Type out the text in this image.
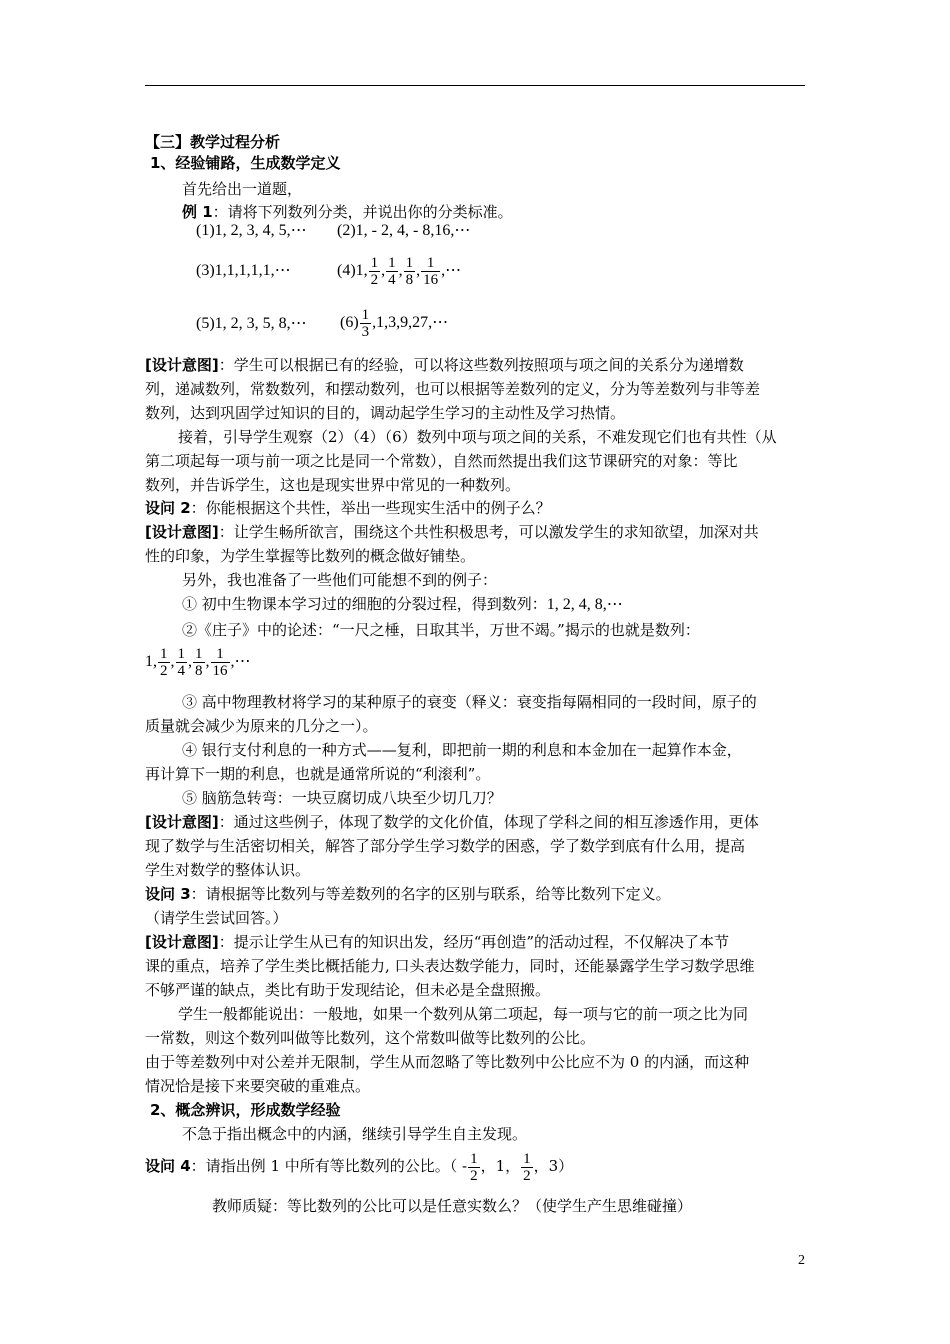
【三】教学过程分析
1、经验铺路，生成数学定义
首先给出一道题，
例 1：请将下列数列分类，并说出你的分类标准。
(1)1, 2, 3, 4, 5,⋯ (2)1, - 2, 4, - 8,16,⋯
(3)1,1,1,1,1,⋯	(4)1, $\frac{1}{2}$ , $\frac{1}{4}$ , $\frac{1}{8}$ , $\frac{1}{16}$ ,⋯
(5)1, 2, 3, 5, 8,⋯ $(6) \frac{1}{3}$ ,1,3,9,27,⋯
[设计意图]：学生可以根据已有的经验，可以将这些数列按照项与项之间的关系分为递增数
列，递减数列，常数数列，和摆动数列，也可以根据等差数列的定义，分为等差数列与非等差
数列，达到巩固学过知识的目的，调动起学生学习的主动性及学习热情。
接着，引导学生观察（2）（4）（6）数列中项与项之间的关系，不难发现它们也有共性（从
第二项起每一项与前一项之比是同一个常数），自然而然提出我们这节课研究的对象：等比
数列，并告诉学生，这也是现实世界中常见的一种数列。
设问 2：你能根据这个共性，举出一些现实生活中的例子么？
[设计意图]：让学生畅所欲言，围绕这个共性积极思考，可以激发学生的求知欲望，加深对共
性的印象，为学生掌握等比数列的概念做好铺垫。
另外，我也准备了一些他们可能想不到的例子：
① 初中生物课本学习过的细胞的分裂过程，得到数列：1, 2, 4, 8,⋯
②《庄子》中的论述：“一尺之棰，日取其半，万世不竭。”揭示的也就是数列：
1, $\frac{1}{2}$ , $\frac{1}{4}$ , $\frac{1}{8}$ , $\frac{1}{16}$ ,⋯
③ 高中物理教材将学习的某种原子的衰变（释义：衰变指每隔相同的一段时间，原子的
质量就会减少为原来的几分之一）。
④ 银行支付利息的一种方式——复利，即把前一期的利息和本金加在一起算作本金，
再计算下一期的利息，也就是通常所说的“利滚利”。
⑤ 脑筋急转弯：一块豆腐切成八块至少切几刀？
[设计意图]：通过这些例子，体现了数学的文化价值，体现了学科之间的相互渗透作用，更体
现了数学与生活密切相关，解答了部分学生学习数学的困惑，学了数学到底有什么用，提高
学生对数学的整体认识。
设问 3：请根据等比数列与等差数列的名字的区别与联系，给等比数列下定义。
（请学生尝试回答。）
[设计意图]：提示让学生从已有的知识出发，经历“再创造”的活动过程，不仅解决了本节
课的重点，培养了学生类比概括能力, 口头表达数学能力，同时，还能暴露学生学习数学思维
不够严谨的缺点，类比有助于发现结论，但未必是全盘照搬。
学生一般都能说出：一般地，如果一个数列从第二项起，每一项与它的前一项之比为同
一常数，则这个数列叫做等比数列，这个常数叫做等比数列的公比。
由于等差数列中对公差并无限制，学生从而忽略了等比数列中公比应不为 0 的内涵，而这种
情况恰是接下来要突破的重难点。
2、概念辨识，形成数学经验
不急于指出概念中的内涵，继续引导学生自主发现。
设问 4：请指出例 1 中所有等比数列的公比。（ - $\frac{1}{2}$ ，1， $\frac{1}{2}$ ，3）
教师质疑：等比数列的公比可以是任意实数么？（使学生产生思维碰撞）
2
